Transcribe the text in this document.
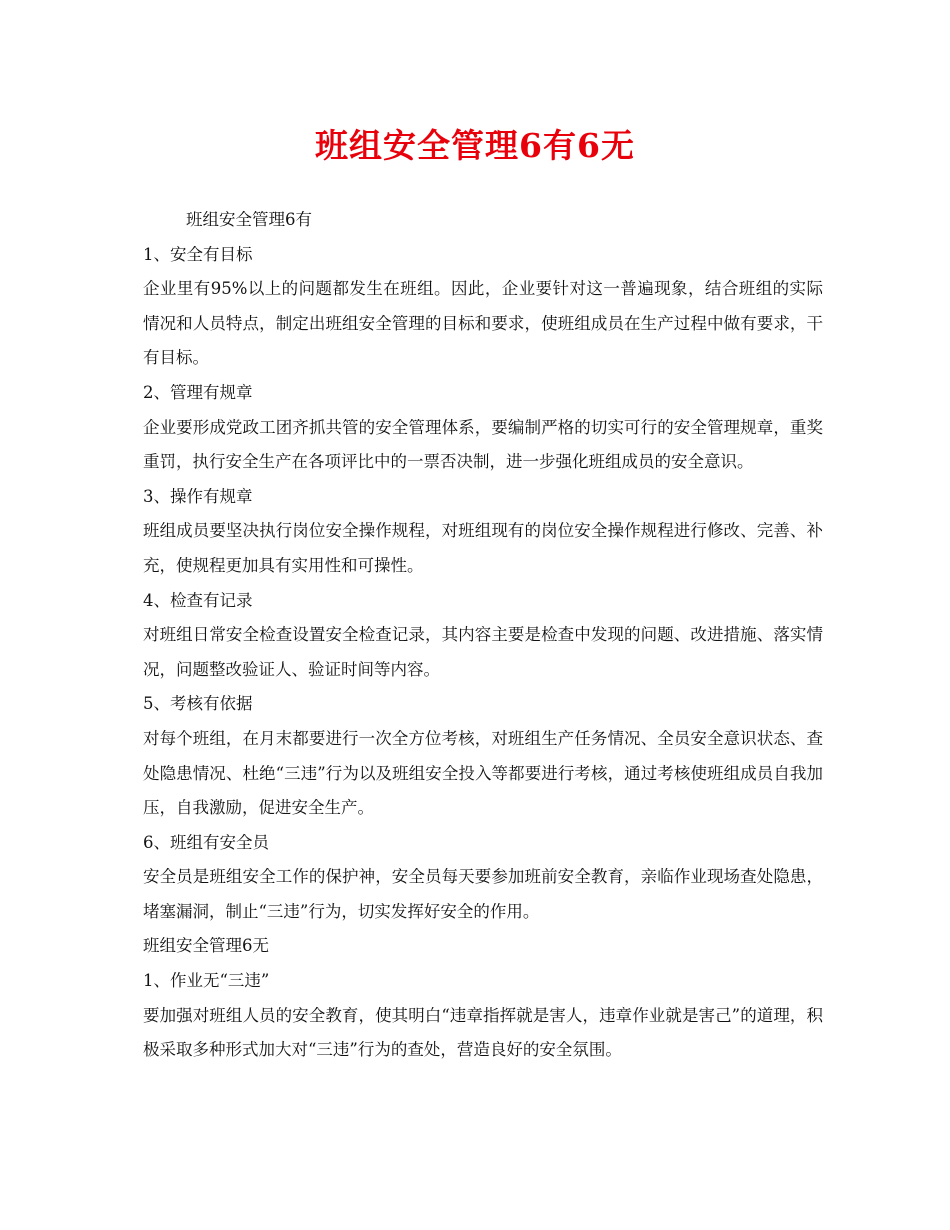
班组安全管理6有6无

班组安全管理6有

1、安全有目标

企业里有95%以上的问题都发生在班组。因此，企业要针对这一普遍现象，结合班组的实际情况和人员特点，制定出班组安全管理的目标和要求，使班组成员在生产过程中做有要求，干有目标。

2、管理有规章

企业要形成党政工团齐抓共管的安全管理体系，要编制严格的切实可行的安全管理规章，重奖重罚，执行安全生产在各项评比中的一票否决制，进一步强化班组成员的安全意识。

3、操作有规章

班组成员要坚决执行岗位安全操作规程，对班组现有的岗位安全操作规程进行修改、完善、补充，使规程更加具有实用性和可操性。

4、检查有记录

对班组日常安全检查设置安全检查记录，其内容主要是检查中发现的问题、改进措施、落实情况，问题整改验证人、验证时间等内容。

5、考核有依据

对每个班组，在月末都要进行一次全方位考核，对班组生产任务情况、全员安全意识状态、查处隐患情况、杜绝“三违”行为以及班组安全投入等都要进行考核，通过考核使班组成员自我加压，自我激励，促进安全生产。

6、班组有安全员

安全员是班组安全工作的保护神，安全员每天要参加班前安全教育，亲临作业现场查处隐患，堵塞漏洞，制止“三违”行为，切实发挥好安全的作用。

班组安全管理6无

1、作业无“三违”

要加强对班组人员的安全教育，使其明白“违章指挥就是害人，违章作业就是害己”的道理，积极采取多种形式加大对“三违”行为的查处，营造良好的安全氛围。
